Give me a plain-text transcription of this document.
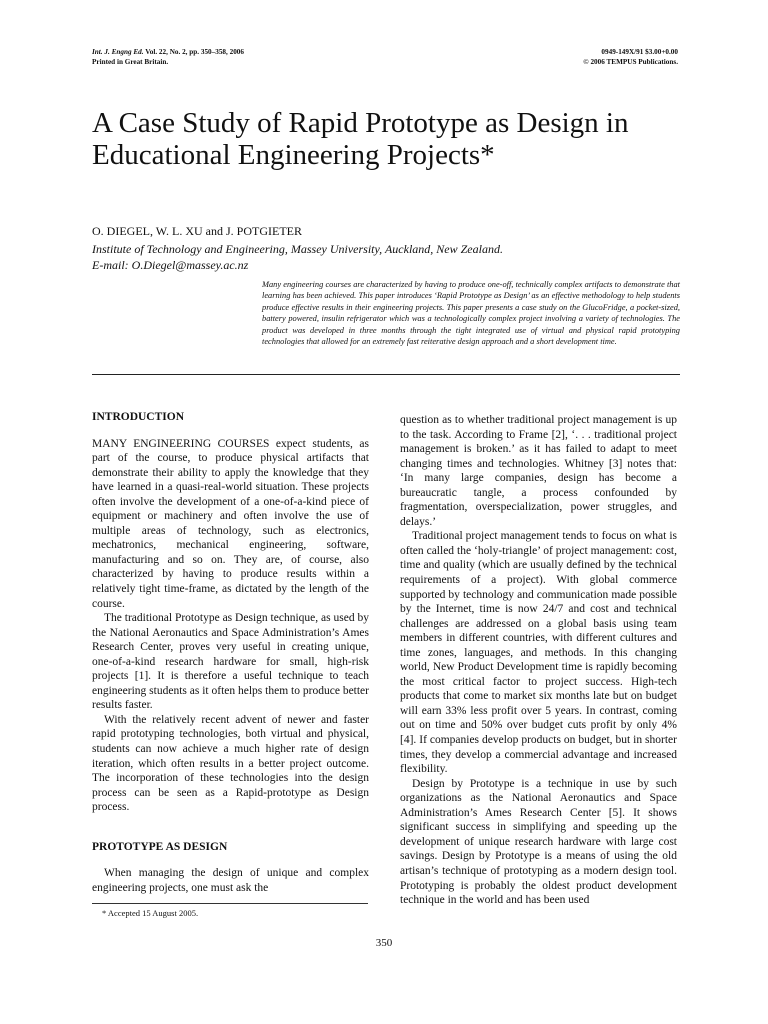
Int. J. Engng Ed. Vol. 22, No. 2, pp. 350–358, 2006
Printed in Great Britain.
0949-149X/91 $3.00+0.00
© 2006 TEMPUS Publications.
A Case Study of Rapid Prototype as Design in Educational Engineering Projects*
O. DIEGEL, W. L. XU and J. POTGIETER
Institute of Technology and Engineering, Massey University, Auckland, New Zealand.
E-mail: O.Diegel@massey.ac.nz

Many engineering courses are characterized by having to produce one-off, technically complex artifacts to demonstrate that learning has been achieved. This paper introduces ‘Rapid Prototype as Design’ as an effective methodology to help students produce effective results in their engineering projects. This paper presents a case study on the GlucoFridge, a pocket-sized, battery powered, insulin refrigerator which was a technologically complex project involving a variety of technologies. The product was developed in three months through the tight integrated use of virtual and physical rapid prototyping technologies that allowed for an extremely fast reiterative design approach and a short development time.

INTRODUCTION

MANY ENGINEERING COURSES expect students, as part of the course, to produce physical artifacts that demonstrate their ability to apply the knowledge that they have learned in a quasi-real-world situation. These projects often involve the development of a one-of-a-kind piece of equipment or machinery and often involve the use of multiple areas of technology, such as electronics, mechatronics, mechanical engineering, software, manufacturing and so on. They are, of course, also characterized by having to produce results within a relatively tight time-frame, as dictated by the length of the course.

The traditional Prototype as Design technique, as used by the National Aeronautics and Space Administration’s Ames Research Center, proves very useful in creating unique, one-of-a-kind research hardware for small, high-risk projects [1]. It is therefore a useful technique to teach engineering students as it often helps them to produce better results faster.

With the relatively recent advent of newer and faster rapid prototyping technologies, both virtual and physical, students can now achieve a much higher rate of design iteration, which often results in a better project outcome. The incorporation of these technologies into the design process can be seen as a Rapid-prototype as Design process.

PROTOTYPE AS DESIGN

When managing the design of unique and complex engineering projects, one must ask the

question as to whether traditional project management is up to the task. According to Frame [2], ‘. . . traditional project management is broken.’ as it has failed to adapt to meet changing times and technologies. Whitney [3] notes that: ‘In many large companies, design has become a bureaucratic tangle, a process confounded by fragmentation, overspecialization, power struggles, and delays.’

Traditional project management tends to focus on what is often called the ‘holy-triangle’ of project management: cost, time and quality (which are usually defined by the technical requirements of a project). With global commerce supported by technology and communication made possible by the Internet, time is now 24/7 and cost and technical challenges are addressed on a global basis using team members in different countries, with different cultures and time zones, languages, and methods. In this changing world, New Product Development time is rapidly becoming the most critical factor to project success. High-tech products that come to market six months late but on budget will earn 33% less profit over 5 years. In contrast, coming out on time and 50% over budget cuts profit by only 4% [4]. If companies develop products on budget, but in shorter times, they develop a commercial advantage and increased flexibility.

Design by Prototype is a technique in use by such organizations as the National Aeronautics and Space Administration’s Ames Research Center [5]. It shows significant success in simplifying and speeding up the development of unique research hardware with large cost savings. Design by Prototype is a means of using the old artisan’s technique of prototyping as a modern design tool. Prototyping is probably the oldest product development technique in the world and has been used

* Accepted 15 August 2005.
350
